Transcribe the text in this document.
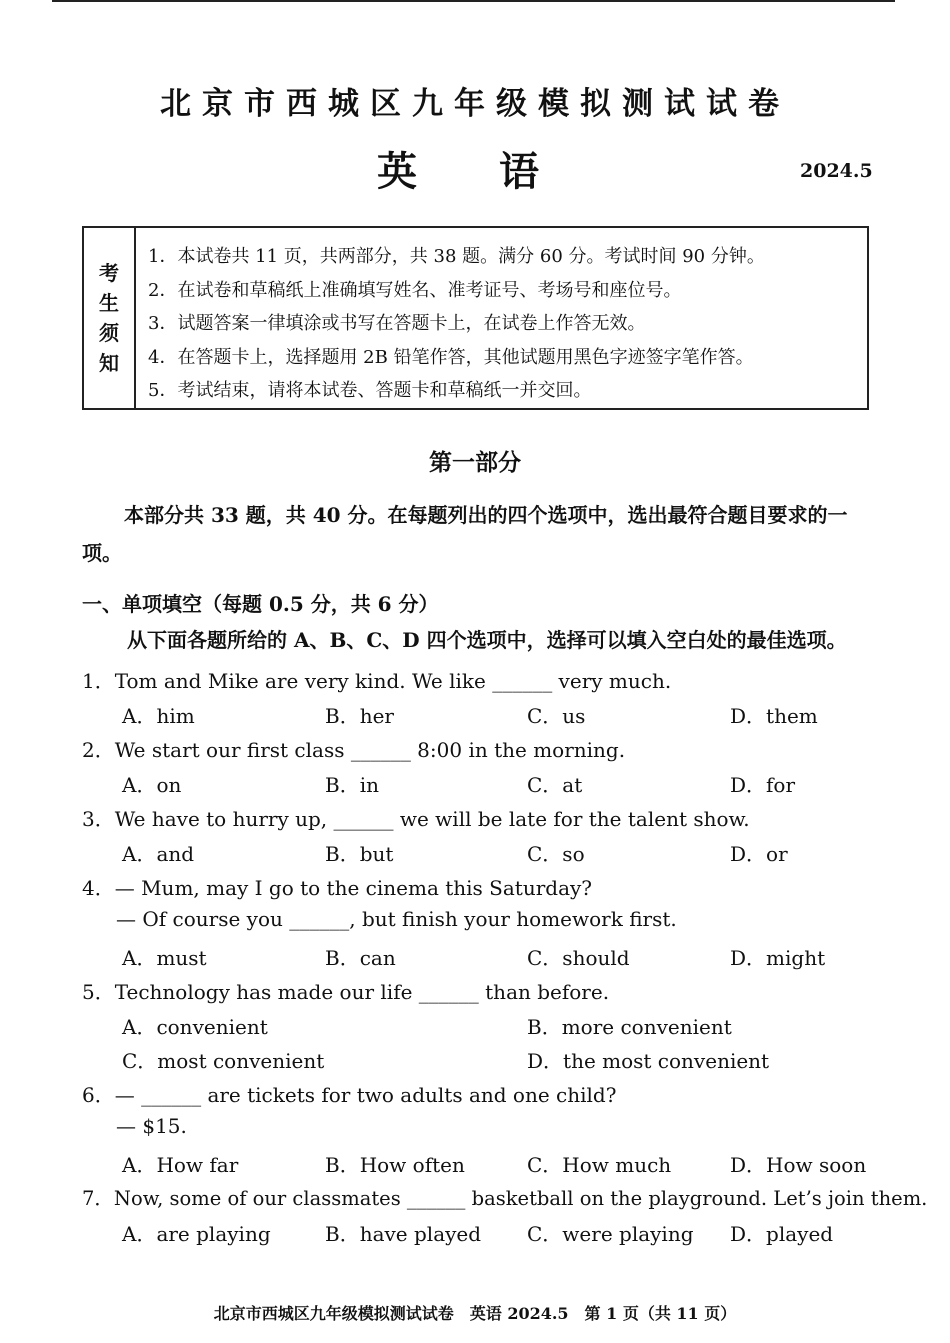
北京市西城区九年级模拟测试试卷
英 语	2024.5
考
生
须
知
1．本试卷共 11 页，共两部分，共 38 题。满分 60 分。考试时间 90 分钟。
2．在试卷和草稿纸上准确填写姓名、准考证号、考场号和座位号。
3．试题答案一律填涂或书写在答题卡上，在试卷上作答无效。
4．在答题卡上，选择题用 2B 铅笔作答，其他试题用黑色字迹签字笔作答。
5．考试结束，请将本试卷、答题卡和草稿纸一并交回。
第一部分
本部分共 33 题，共 40 分。在每题列出的四个选项中，选出最符合题目要求的一项。
一、单项填空（每题 0.5 分，共 6 分）
从下面各题所给的 A、B、C、D 四个选项中，选择可以填入空白处的最佳选项。
1．Tom and Mike are very kind. We like ______ very much.
A．him	B．her	C．us	D．them
2．We start our first class ______ 8:00 in the morning.
A．on	B．in	C．at	D．for
3．We have to hurry up, ______ we will be late for the talent show.
A．and	B．but	C．so	D．or
4．— Mum, may I go to the cinema this Saturday?
— Of course you ______, but finish your homework first.
A．must	B．can	C．should	D．might
5．Technology has made our life ______ than before.
A．convenient	B．more convenient
C．most convenient	D．the most convenient
6．— ______ are tickets for two adults and one child?
— $15.
A．How far	B．How often	C．How much	D．How soon
7．Now, some of our classmates ______ basketball on the playground. Let’s join them.
A．are playing	B．have played C．were playing D．played
北京市西城区九年级模拟测试试卷　英语 2024.5　第 1 页（共 11 页）
